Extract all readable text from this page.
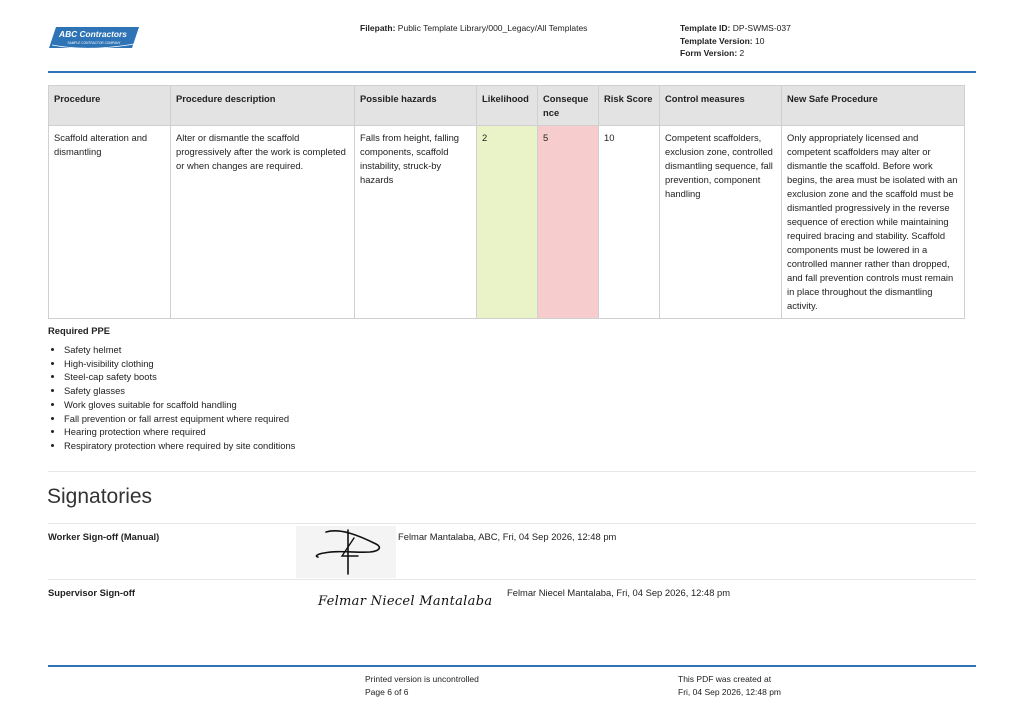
ABC Contractors
SAMPLE CONTRACTOR COMPANY
Filepath: Public Template Library/000_Legacy/All Templates	Template ID: DP-SWMS-037
Template Version: 10
Form Version: 2
Procedure	Procedure description	Possible hazards	Likelihood	Consequence	Risk Score	Control measures	New Safe Procedure
Scaffold alteration and dismantling	Alter or dismantle the scaffold progressively after the work is completed or when changes are required.	Falls from height, falling components, scaffold instability, struck-by hazards	2	5	10	Competent scaffolders, exclusion zone, controlled dismantling sequence, fall prevention, component handling	Only appropriately licensed and competent scaffolders may alter or dismantle the scaffold. Before work begins, the area must be isolated with an exclusion zone and the scaffold must be dismantled progressively in the reverse sequence of erection while maintaining required bracing and stability. Scaffold components must be lowered in a controlled manner rather than dropped, and fall prevention controls must remain in place throughout the dismantling activity.
Required PPE
• Safety helmet
• High-visibility clothing
• Steel-cap safety boots
• Safety glasses
• Work gloves suitable for scaffold handling
• Fall prevention or fall arrest equipment where required
• Hearing protection where required
• Respiratory protection where required by site conditions
Signatories
Worker Sign-off (Manual)	Felmar Mantalaba, ABC, Fri, 04 Sep 2026, 12:48 pm
Supervisor Sign-off
Felmar Niecel Mantalaba
Felmar Niecel Mantalaba, Fri, 04 Sep 2026, 12:48 pm
Printed version is uncontrolled
Page 6 of 6
This PDF was created at
Fri, 04 Sep 2026, 12:48 pm
